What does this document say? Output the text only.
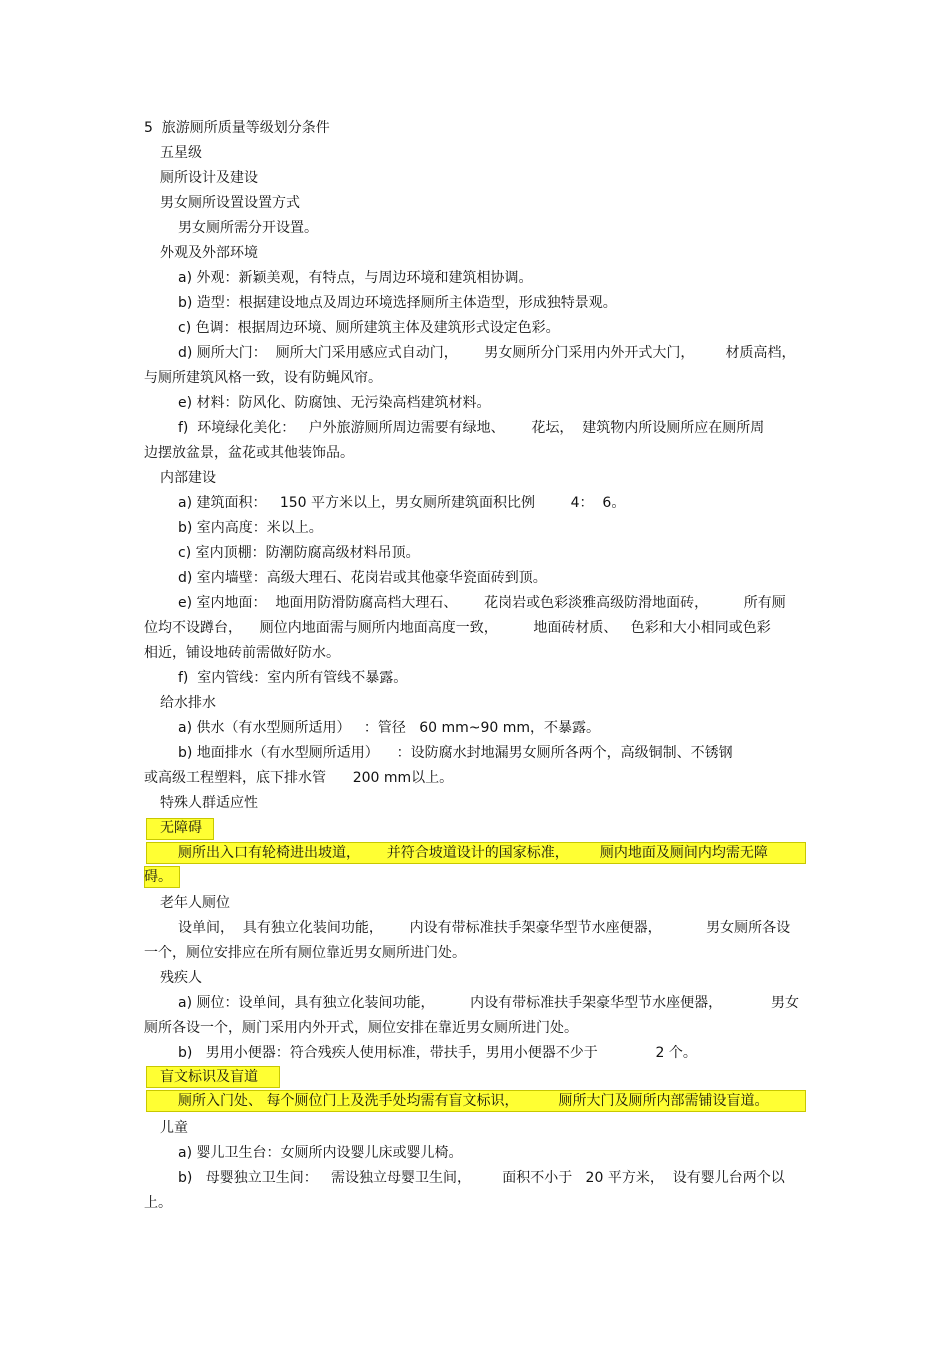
5  旅游厕所质量等级划分条件
五星级
厕所设计及建设
男女厕所设置设置方式
男女厕所需分开设置。
外观及外部环境
a) 外观：新颖美观，有特点，与周边环境和建筑相协调。
b) 造型：根据建设地点及周边环境选择厕所主体造型，形成独特景观。
c) 色调：根据周边环境、厕所建筑主体及建筑形式设定色彩。
d) 厕所大门：  厕所大门采用感应式自动门，      男女厕所分门采用内外开式大门，       材质高档，
与厕所建筑风格一致，设有防蝇风帘。
e) 材料：防风化、防腐蚀、无污染高档建筑材料。
f)  环境绿化美化：   户外旅游厕所周边需要有绿地、      花坛，  建筑物内所设厕所应在厕所周
边摆放盆景，盆花或其他装饰品。
内部建设
a) 建筑面积：   150 平方米以上，男女厕所建筑面积比例        4：  6。
b) 室内高度：米以上。
c) 室内顶棚：防潮防腐高级材料吊顶。
d) 室内墙壁：高级大理石、花岗岩或其他豪华瓷面砖到顶。
e) 室内地面：  地面用防滑防腐高档大理石、      花岗岩或色彩淡雅高级防滑地面砖，        所有厕
位均不设蹲台，    厕位内地面需与厕所内地面高度一致，        地面砖材质、   色彩和大小相同或色彩
相近，铺设地砖前需做好防水。
f)  室内管线：室内所有管线不暴露。
给水排水
a) 供水（有水型厕所适用）   ：管径   60 mm~90 mm，不暴露。
b) 地面排水（有水型厕所适用）    ：设防腐水封地漏男女厕所各两个，高级铜制、不锈钢
或高级工程塑料，底下排水管      200 mm以上。
特殊人群适应性
无障碍
厕所出入口有轮椅进出坡道，      并符合坡道设计的国家标准，       厕内地面及厕间内均需无障
碍。
老年人厕位
设单间，  具有独立化装间功能，      内设有带标准扶手架豪华型节水座便器，          男女厕所各设
一个，厕位安排应在所有厕位靠近男女厕所进门处。
残疾人
a) 厕位：设单间，具有独立化装间功能，        内设有带标准扶手架豪华型节水座便器，           男女
厕所各设一个，厕门采用内外开式，厕位安排在靠近男女厕所进门处。
b)   男用小便器：符合残疾人使用标准，带扶手，男用小便器不少于             2 个。
盲文标识及盲道
厕所入门处、 每个厕位门上及洗手处均需有盲文标识，         厕所大门及厕所内部需铺设盲道。
儿童
a) 婴儿卫生台：女厕所内设婴儿床或婴儿椅。
b)   母婴独立卫生间：   需设独立母婴卫生间，       面积不小于   20 平方米，  设有婴儿台两个以
上。
